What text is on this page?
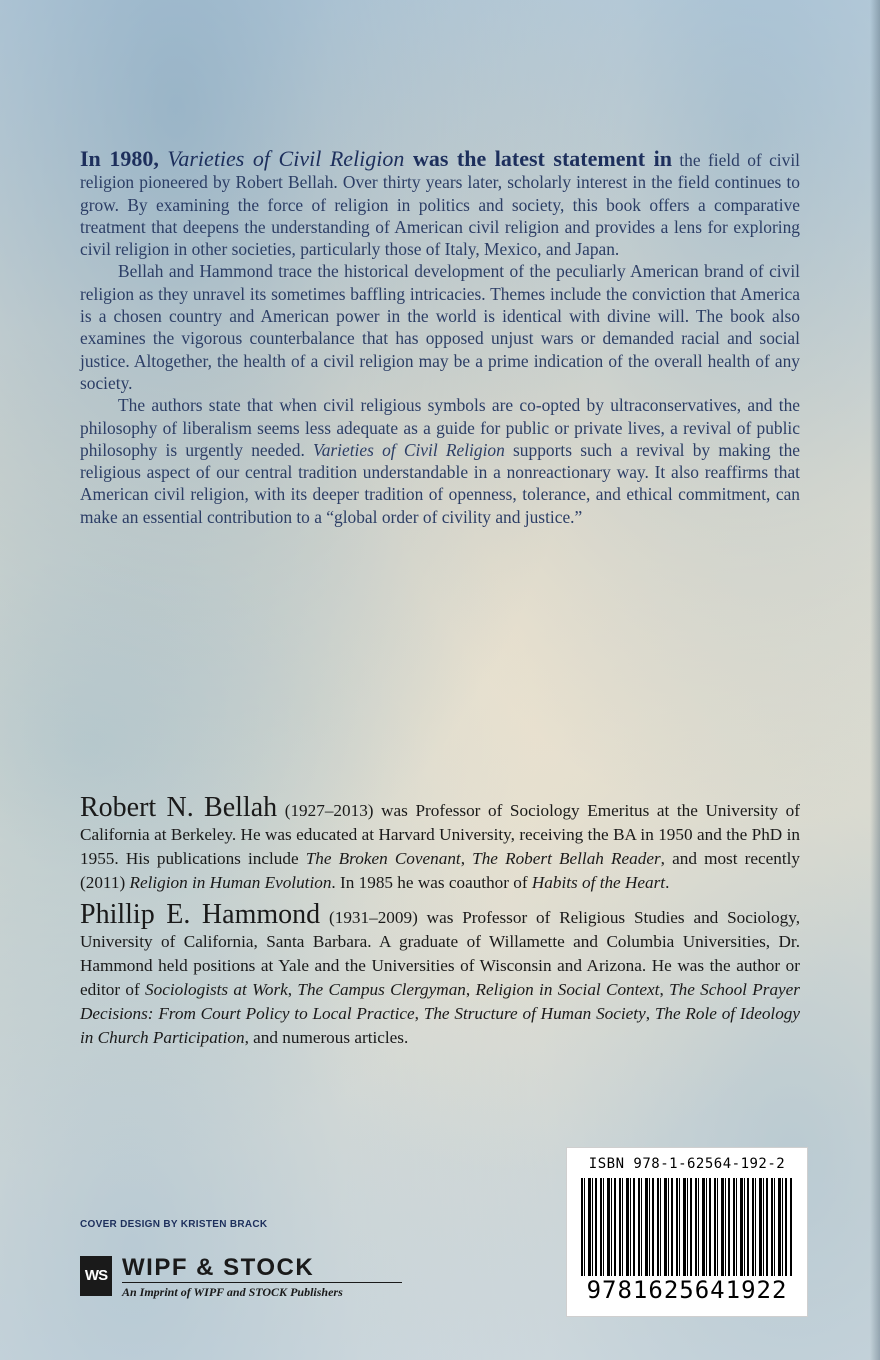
In 1980, Varieties of Civil Religion was the latest statement in the field of civil religion pioneered by Robert Bellah. Over thirty years later, scholarly interest in the field continues to grow. By examining the force of religion in politics and society, this book offers a comparative treatment that deepens the understanding of American civil religion and provides a lens for exploring civil religion in other societies, particularly those of Italy, Mexico, and Japan.

Bellah and Hammond trace the historical development of the peculiarly American brand of civil religion as they unravel its sometimes baffling intricacies. Themes include the conviction that America is a chosen country and American power in the world is identical with divine will. The book also examines the vigorous counterbalance that has opposed unjust wars or demanded racial and social justice. Altogether, the health of a civil religion may be a prime indication of the overall health of any society.

The authors state that when civil religious symbols are co-opted by ultraconservatives, and the philosophy of liberalism seems less adequate as a guide for public or private lives, a revival of public philosophy is urgently needed. Varieties of Civil Religion supports such a revival by making the religious aspect of our central tradition understandable in a nonreactionary way. It also reaffirms that American civil religion, with its deeper tradition of openness, tolerance, and ethical commitment, can make an essential contribution to a “global order of civility and justice.”

Robert N. Bellah (1927–2013) was Professor of Sociology Emeritus at the University of California at Berkeley. He was educated at Harvard University, receiving the BA in 1950 and the PhD in 1955. His publications include The Broken Covenant, The Robert Bellah Reader, and most recently (2011) Religion in Human Evolution. In 1985 he was coauthor of Habits of the Heart.

Phillip E. Hammond (1931–2009) was Professor of Religious Studies and Sociology, University of California, Santa Barbara. A graduate of Willamette and Columbia Universities, Dr. Hammond held positions at Yale and the Universities of Wisconsin and Arizona. He was the author or editor of Sociologists at Work, The Campus Clergyman, Religion in Social Context, The School Prayer Decisions: From Court Policy to Local Practice, The Structure of Human Society, The Role of Ideology in Church Participation, and numerous articles.

COVER DESIGN BY KRISTEN BRACK
WS WIPF & STOCK
An Imprint of WIPF and STOCK Publishers
ISBN 978-1-62564-192-2
9781625641922
